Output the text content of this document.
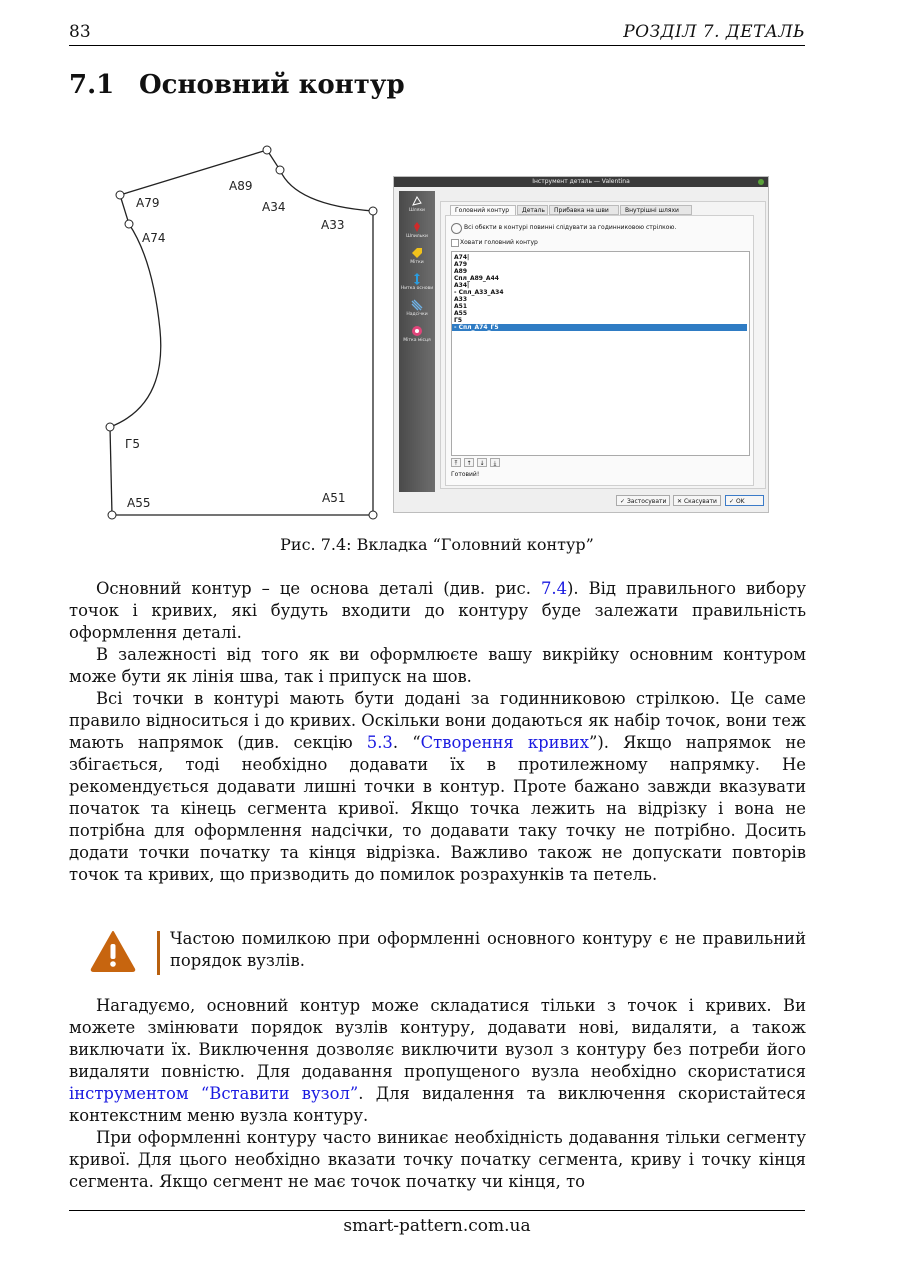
83	РОЗДІЛ 7. ДЕТАЛЬ
7.1 Основний контур
A89
A79	A34
A74
A33
Г5
A55	A51
Інструмент деталь — Valentina
Шляхи
Шпильки
Мітки
Нитка основи
Надсічки
Мітка місця
Головний контур	Деталь	Прибавка на шви	Внутрішні шляхи
Всі обєкти в контурі повинні слідувати за годинниковою стрілкою.
Ховати головний контур
A74|
A79
A89
Спл_A89_A44
A34|
- Спл_A33_A34
A33
A51
A55
Г5
- Спл_A74_Г5
⤒	↑	↓	⤓
Готовий!
✓ Застосувати	✕ Скасувати	✓ OK
Рис. 7.4: Вкладка “Головний контур”

Основний контур – це основа деталі (див. рис. 7.4). Від правильного вибору точок і кривих, які будуть входити до контуру буде залежати правильність оформлення деталі.

В залежності від того як ви оформлюєте вашу викрійку основним контуром може бути як лінія шва, так і припуск на шов.

Всі точки в контурі мають бути додані за годинниковою стрілкою. Це саме правило відноситься і до кривих. Оскільки вони додаються як набір точок, вони теж мають напрямок (див. секцію 5.3. “Створення кривих”). Якщо напрямок не збігається, тоді необхідно додавати їх в протилежному напрямку. Не рекомендується додавати лишні точки в контур. Проте бажано завжди вказувати початок та кінець сегмента кривої. Якщо точка лежить на відрізку і вона не потрібна для оформлення надсічки, то додавати таку точку не потрібно. Досить додати точки початку та кінця відрізка. Важливо також не допускати повторів точок та кривих, що призводить до помилок розрахунків та петель.

Частою помилкою при оформленні основного контуру є не правильний порядок вузлів.

Нагадуємо, основний контур може складатися тільки з точок і кривих. Ви можете змінювати порядок вузлів контуру, додавати нові, видаляти, а також виключати їх. Виключення дозволяє виключити вузол з контуру без потреби його видаляти повністю. Для додавання пропущеного вузла необхідно скористатися інструментом “Вставити вузол”. Для видалення та виключення скористайтеся контекстним меню вузла контуру.

При оформленні контуру часто виникає необхідність додавання тільки сегменту кривої. Для цього необхідно вказати точку початку сегмента, криву і точку кінця сегмента. Якщо сегмент не має точок початку чи кінця, то

smart-pattern.com.ua
